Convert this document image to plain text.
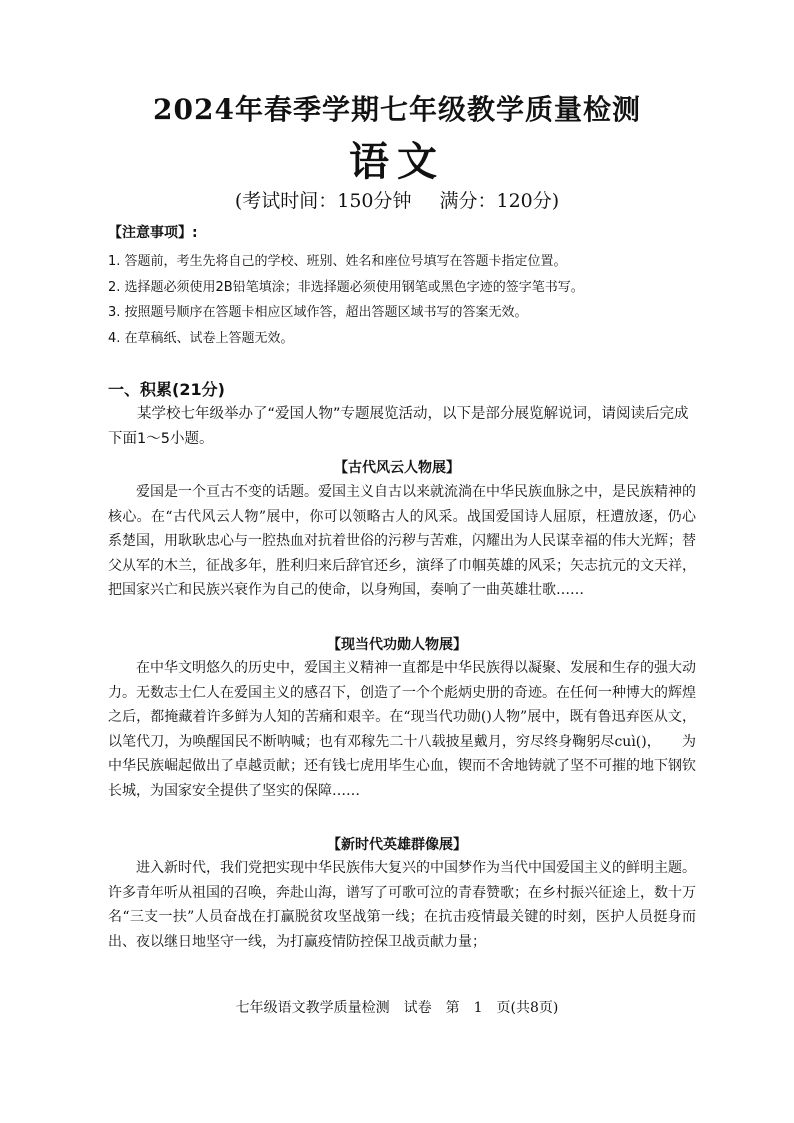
2024年春季学期七年级教学质量检测
语文
(考试时间：150分钟 满分：120分)
【注意事项】:
1. 答题前，考生先将自己的学校、班别、姓名和座位号填写在答题卡指定位置。
2. 选择题必须使用2B铅笔填涂；非选择题必须使用钢笔或黑色字迹的签字笔书写。
3. 按照题号顺序在答题卡相应区域作答，超出答题区域书写的答案无效。
4. 在草稿纸、试卷上答题无效。
一、积累(21分)
某学校七年级举办了“爱国人物”专题展览活动，以下是部分展览解说词，请阅读后完成下面1～5小题。
【古代风云人物展】
爱国是一个亘古不变的话题。爱国主义自古以来就流淌在中华民族血脉之中，是民族精神的核心。在“古代风云人物”展中，你可以领略古人的风采。战国爱国诗人屈原，枉遭放逐，仍心系楚国，用耿耿忠心与一腔热血对抗着世俗的污秽与苦难，闪耀出为人民谋幸福的伟大光辉；替父从军的木兰，征战多年，胜利归来后辞官还乡，演绎了巾帼英雄的风采；矢志抗元的文天祥，把国家兴亡和民族兴衰作为自己的使命，以身殉国，奏响了一曲英雄壮歌……
【现当代功勋人物展】
在中华文明悠久的历史中，爱国主义精神一直都是中华民族得以凝聚、发展和生存的强大动力。无数志士仁人在爱国主义的感召下，创造了一个个彪炳史册的奇迹。在任何一种博大的辉煌之后，都掩藏着许多鲜为人知的苦痛和艰辛。在“现当代功勋()人物”展中，既有鲁迅弃医从文，以笔代刀，为唤醒国民不断呐喊；也有邓稼先二十八载披星戴月，穷尽终身鞠躬尽cuì()，　　为中华民族崛起做出了卓越贡献；还有钱七虎用毕生心血，锲而不舍地铸就了坚不可摧的地下钢钦长城，为国家安全提供了坚实的保障……
【新时代英雄群像展】
进入新时代，我们党把实现中华民族伟大复兴的中国梦作为当代中国爱国主义的鲜明主题。许多青年听从祖国的召唤，奔赴山海，谱写了可歌可泣的青春赞歌；在乡村振兴征途上，数十万名“三支一扶”人员奋战在打赢脱贫攻坚战第一线；在抗击疫情最关键的时刻，医护人员挺身而出、夜以继日地坚守一线，为打赢疫情防控保卫战贡献力量；
七年级语文教学质量检测　试卷　第　1　页(共8页)
